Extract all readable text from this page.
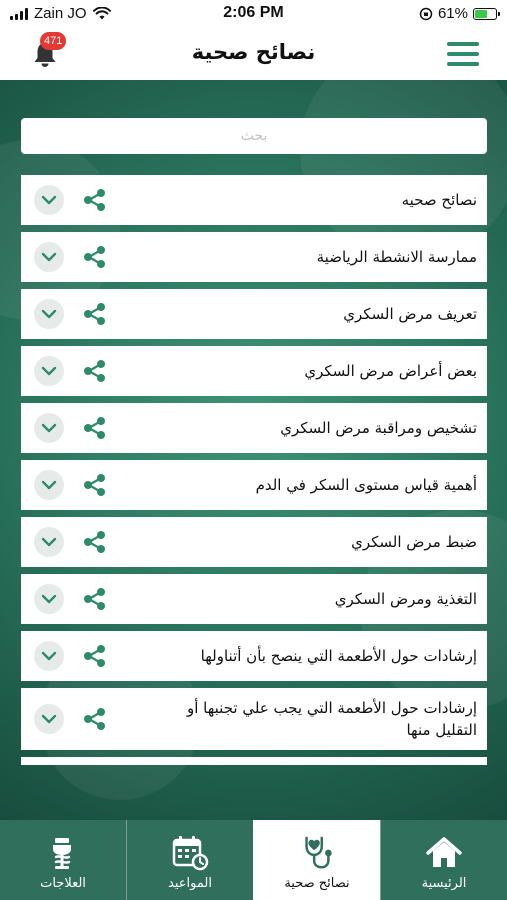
Zain JO	2:06 PM	61%
471	نصائح صحية
بحث
نصائح صحيه
ممارسة الانشطة الرياضية
تعريف مرض السكري
بعض أعراض مرض السكري
تشخيص ومراقبة مرض السكري
أهمية قياس مستوى السكر في الدم
ضبط مرض السكري
التغذية ومرض السكري
إرشادات حول الأطعمة التي ينصح بأن أتناولها
إرشادات حول الأطعمة التي يجب علي تجنبها أو التقليل منها
العلاجات	المواعيد	نصائح صحية	الرئيسية
